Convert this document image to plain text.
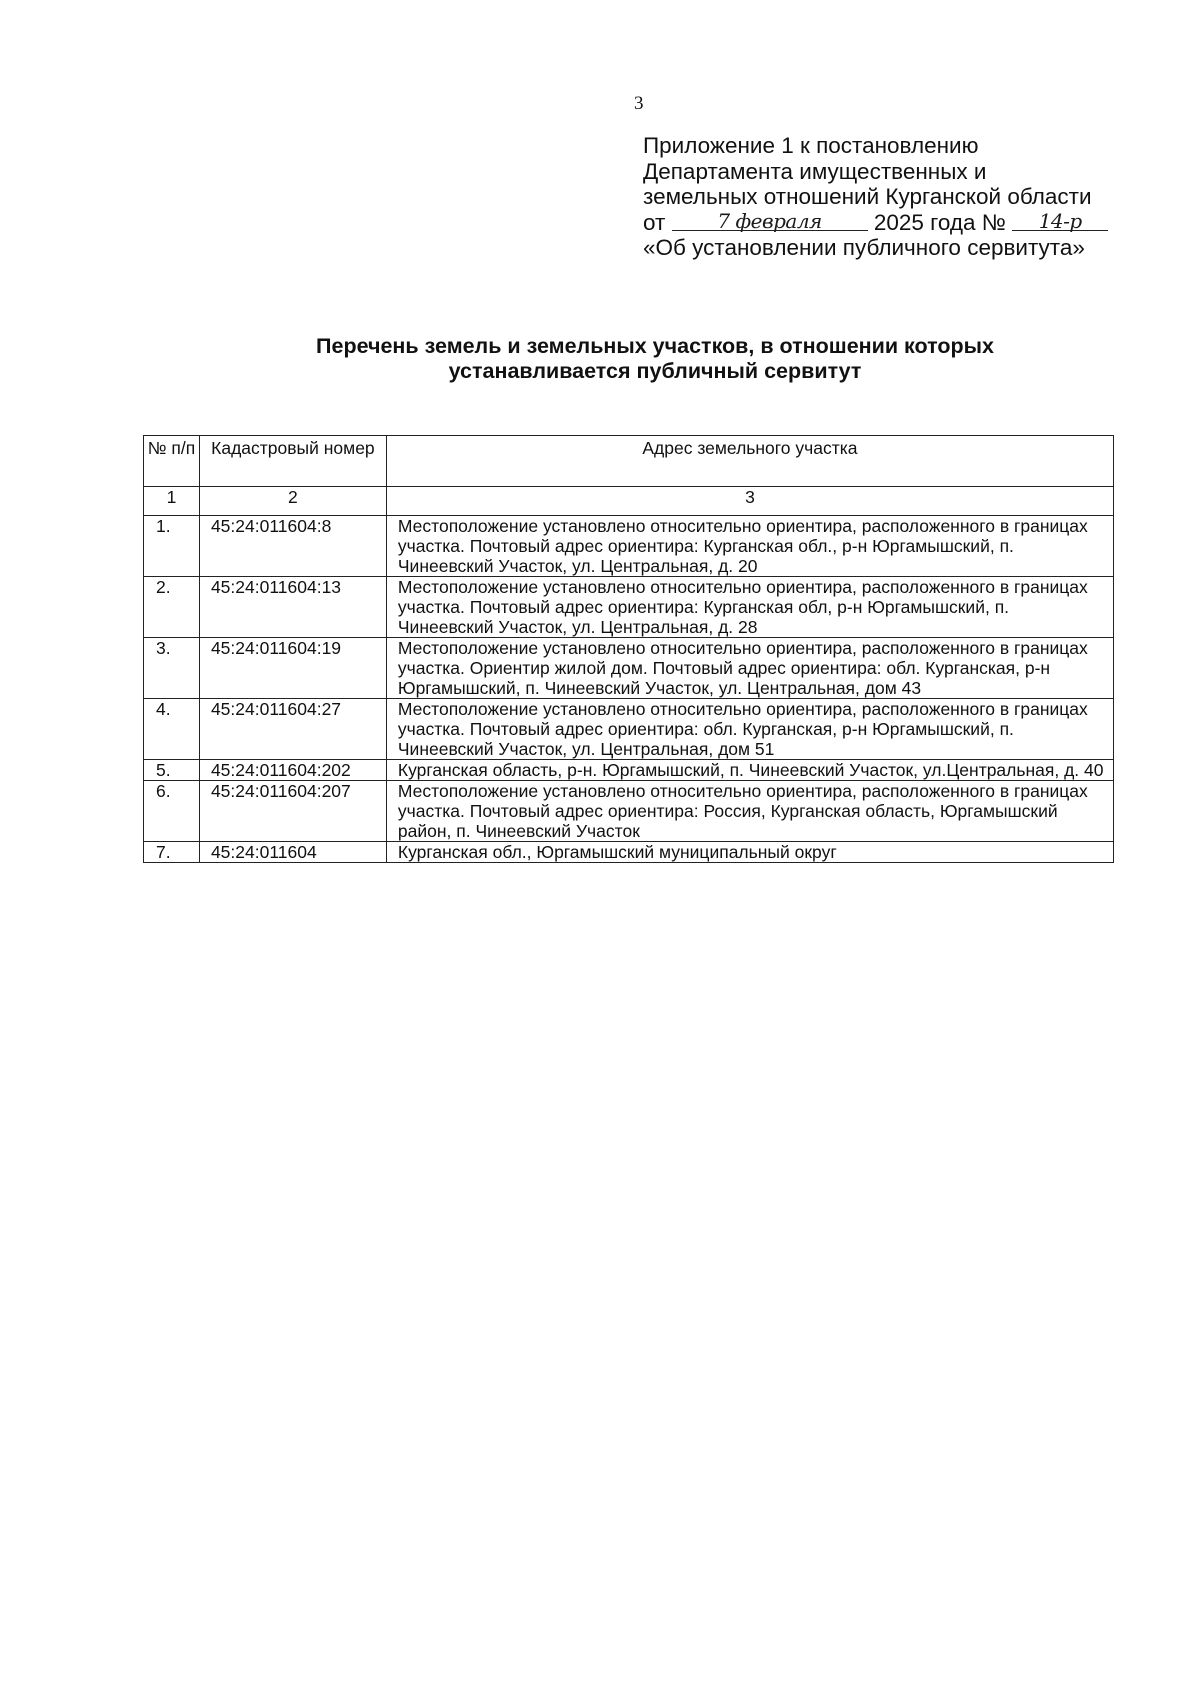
3
Приложение 1 к постановлению
Департамента имущественных и
земельных отношений Курганской области
от	7 февраля 2025 года № 14-р
«Об установлении публичного сервитута»
Перечень земель и земельных участков, в отношении которых
устанавливается публичный сервитут
№ п/п	Кадастровый номер	Адрес земельного участка
1	2	3
1.	45:24:011604:8	Местоположение установлено относительно ориентира, расположенного в границах участка. Почтовый адрес ориентира: Курганская обл., р-н Юргамышский, п. Чинеевский Участок, ул. Центральная, д. 20
2.	45:24:011604:13	Местоположение установлено относительно ориентира, расположенного в границах участка. Почтовый адрес ориентира: Курганская обл, р-н Юргамышский, п. Чинеевский Участок, ул. Центральная, д. 28
3.	45:24:011604:19	Местоположение установлено относительно ориентира, расположенного в границах участка. Ориентир жилой дом. Почтовый адрес ориентира: обл. Курганская, р-н Юргамышский, п. Чинеевский Участок, ул. Центральная, дом 43
4.	45:24:011604:27	Местоположение установлено относительно ориентира, расположенного в границах участка. Почтовый адрес ориентира: обл. Курганская, р-н Юргамышский, п. Чинеевский Участок, ул. Центральная, дом 51
5.	45:24:011604:202	Курганская область, р-н. Юргамышский, п. Чинеевский Участок, ул.Центральная, д. 40
6.	45:24:011604:207	Местоположение установлено относительно ориентира, расположенного в границах участка. Почтовый адрес ориентира: Россия, Курганская область, Юргамышский район, п. Чинеевский Участок
7.	45:24:011604	Курганская обл., Юргамышский муниципальный округ
